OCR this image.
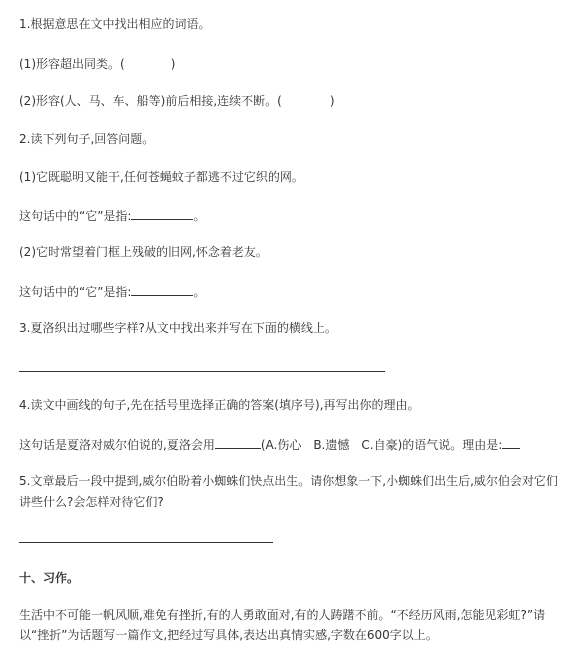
1.根据意思在文中找出相应的词语。
(1)形容超出同类。(	)
(2)形容(人、马、车、船等)前后相接,连续不断。(	)
2.读下列句子,回答问题。
(1)它既聪明又能干,任何苍蝇蚊子都逃不过它织的网。
这句话中的“它”是指:	。
(2)它时常望着门框上残破的旧网,怀念着老友。
这句话中的“它”是指:	。
3.夏洛织出过哪些字样?从文中找出来并写在下面的横线上。
4.读文中画线的句子,先在括号里选择正确的答案(填序号),再写出你的理由。
这句话是夏洛对威尔伯说的,夏洛会用	(A.伤心　B.遗憾　C.自豪)的语气说。理由是:
5.文章最后一段中提到,威尔伯盼着小蜘蛛们快点出生。请你想象一下,小蜘蛛们出生后,威尔伯会对它们
讲些什么?会怎样对待它们?
十、习作。
生活中不可能一帆风顺,难免有挫折,有的人勇敢面对,有的人踌躇不前。“不经历风雨,怎能见彩虹?”请以“挫折”为话题写一篇作文,把经过写具体,表达出真情实感,字数在600字以上。
